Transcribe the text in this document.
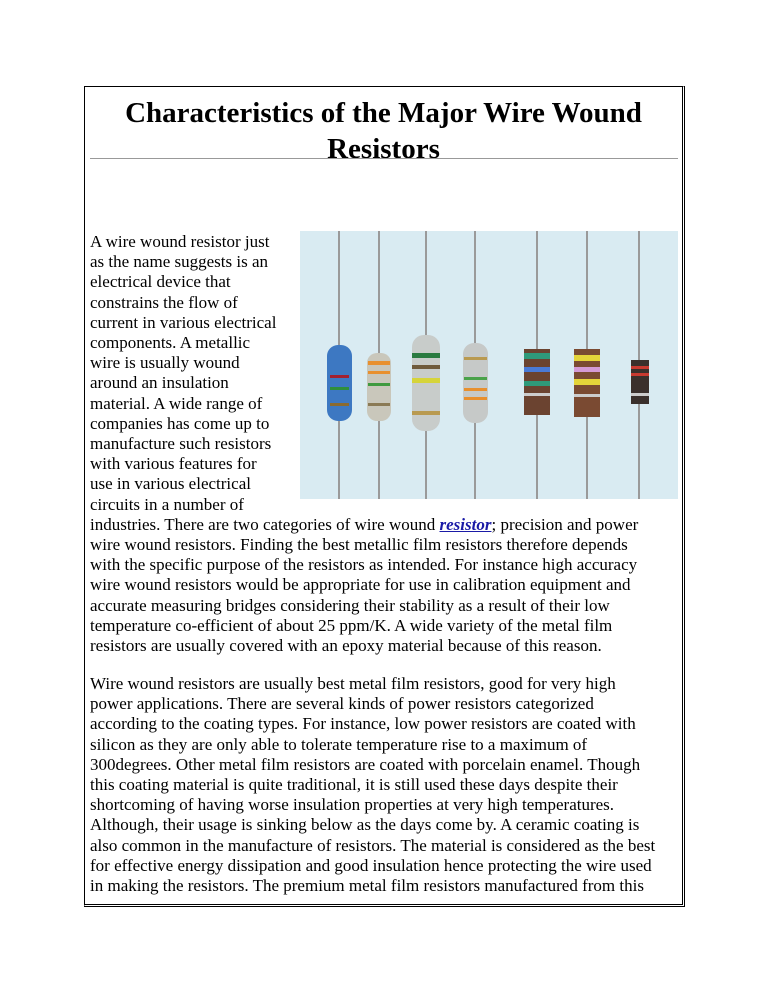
Characteristics of the Major Wire Wound
Resistors
A wire wound resistor just
as the name suggests is an
electrical device that
constrains the flow of
current in various electrical
components. A metallic
wire is usually wound
around an insulation
material. A wide range of
companies has come up to
manufacture such resistors
with various features for
use in various electrical
circuits in a number of
industries. There are two categories of wire wound resistor; precision and power
wire wound resistors. Finding the best metallic film resistors therefore depends
with the specific purpose of the resistors as intended. For instance high accuracy
wire wound resistors would be appropriate for use in calibration equipment and
accurate measuring bridges considering their stability as a result of their low
temperature co-efficient of about 25 ppm/K. A wide variety of the metal film
resistors are usually covered with an epoxy material because of this reason.
Wire wound resistors are usually best metal film resistors, good for very high
power applications. There are several kinds of power resistors categorized
according to the coating types. For instance, low power resistors are coated with
silicon as they are only able to tolerate temperature rise to a maximum of
300degrees. Other metal film resistors are coated with porcelain enamel. Though
this coating material is quite traditional, it is still used these days despite their
shortcoming of having worse insulation properties at very high temperatures.
Although, their usage is sinking below as the days come by. A ceramic coating is
also common in the manufacture of resistors. The material is considered as the best
for effective energy dissipation and good insulation hence protecting the wire used
in making the resistors. The premium metal film resistors manufactured from this
